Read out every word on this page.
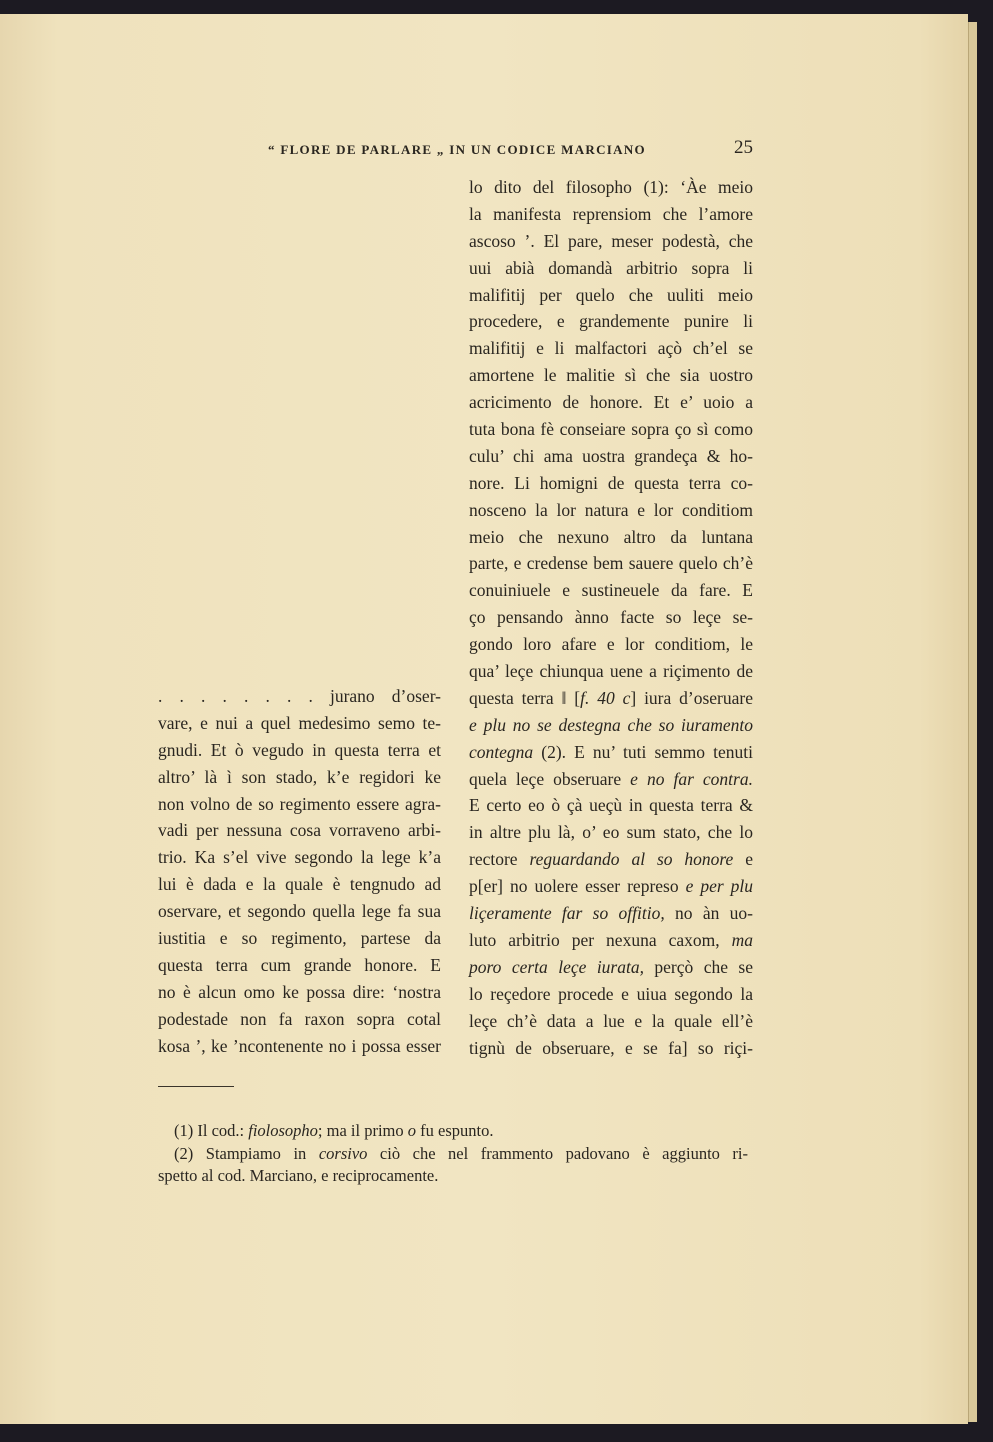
“ FLORE DE PARLARE „ IN UN CODICE MARCIANO	25
lo dito del filosopho (1): ‘Àe meio
la manifesta reprensiom che l’amore
ascoso ’. El pare, meser podestà, che
uui abià domandà arbitrio sopra li
malifitij per quelo che uuliti meio
procedere, e grandemente punire li
malifitij e li malfactori açò ch’el se
amortene le malitie sì che sia uostro
acricimento de honore. Et e’ uoio a
tuta bona fè conseiare sopra ço sì como
culu’ chi ama uostra grandeça & ho-
nore. Li homigni de questa terra co-
nosceno la lor natura e lor conditiom
meio che nexuno altro da luntana
parte, e credense bem sauere quelo ch’è
conuiniuele e sustineuele da fare. E
ço pensando ànno facte so leçe se-
gondo loro afare e lor conditiom, le
qua’ leçe chiunqua uene a riçimento de
questa terra ‖ [f. 40 c] iura d’oseruare
e plu no se destegna che so iuramento
contegna (2). E nu’ tuti semmo tenuti
quela leçe obseruare e no far contra.
E certo eo ò çà ueçù in questa terra &
in altre plu là, o’ eo sum stato, che lo
rectore reguardando al so honore e
p[er] no uolere esser represo e per plu
liçeramente far so offitio, no àn uo-
luto arbitrio per nexuna caxom, ma
poro certa leçe iurata, perçò che se
lo reçedore procede e uiua segondo la
leçe ch’è data a lue e la quale ell’è
tignù de obseruare, e se fa] so riçi-
. . . . . . . . jurano d’oser-
vare, e nui a quel medesimo semo te-
gnudi. Et ò vegudo in questa terra et
altro’ là ì son stado, k’e regidori ke
non volno de so regimento essere agra-
vadi per nessuna cosa vorraveno arbi-
trio. Ka s’el vive segondo la lege k’a
lui è dada e la quale è tengnudo ad
oservare, et segondo quella lege fa sua
iustitia e so regimento, partese da
questa terra cum grande honore. E
no è alcun omo ke possa dire: ‘nostra
podestade non fa raxon sopra cotal
kosa ’, ke ’ncontenente no i possa esser
(1) Il cod.: fiolosopho; ma il primo o fu espunto.
(2) Stampiamo in corsivo ciò che nel frammento padovano è aggiunto ri-
spetto al cod. Marciano, e reciprocamente.
